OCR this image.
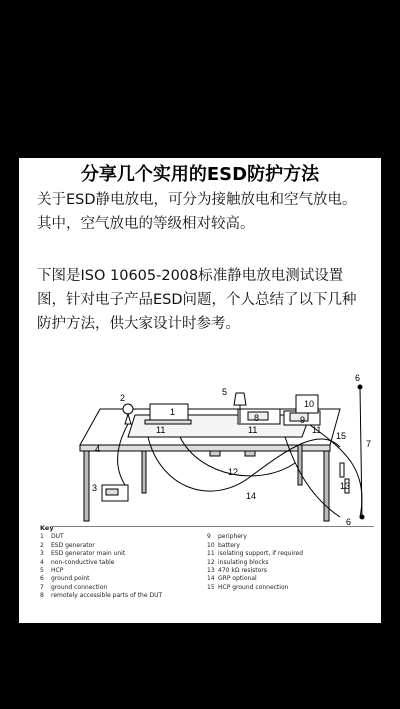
分享几个实用的ESD防护方法
关于ESD静电放电，可分为接触放电和空气放电。其中，空气放电的等级相对较高。
下图是ISO 10605-2008标准静电放电测试设置图，针对电子产品ESD问题，个人总结了以下几种防护方法，供大家设计时参考。
1
2
3
4
5
6
6
7
8	9
10
11	11	11
12
13
14
15
Key
1	DUT
2	ESD generator
3	ESD generator main unit
4	non-conductive table
5	HCP
6	ground point
7	ground connection
8	remotely accessible parts of the DUT
9	periphery
10 battery
11 isolating support, if required
12 insulating blocks
13 470 kΩ resistors
14 GRP optional
15 HCP ground connection
